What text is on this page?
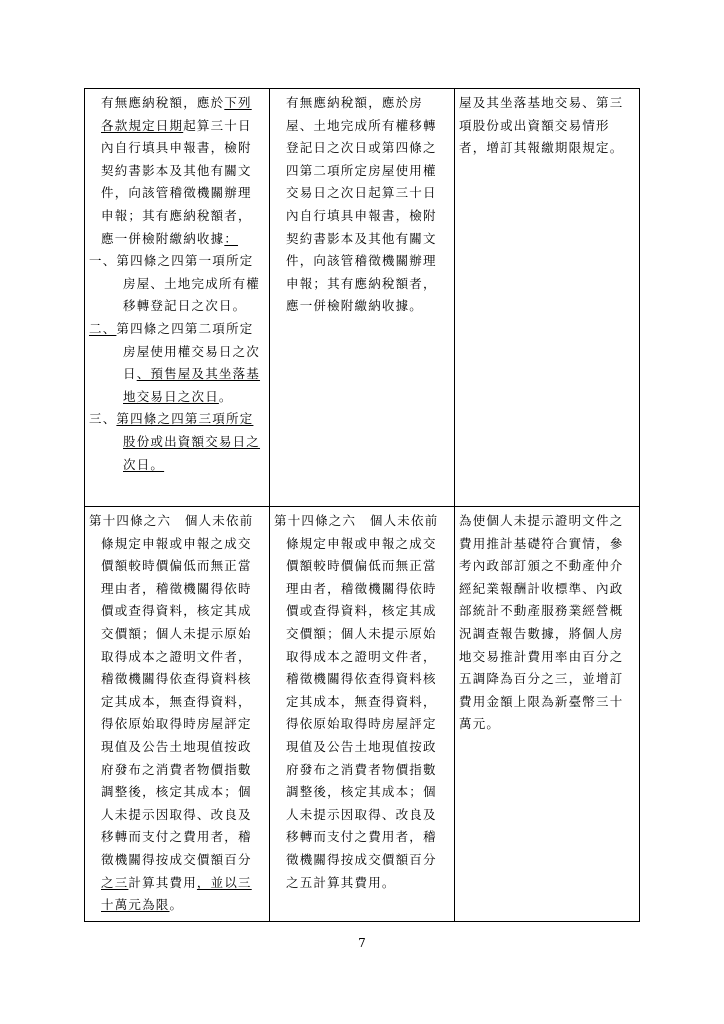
有無應納稅額，應於下列各款規定日期起算三十日內自行填具申報書，檢附契約書影本及其他有關文件，向該管稽徵機關辦理申報；其有應納稅額者，應一併檢附繳納收據：
一、第四條之四第一項所定房屋、土地完成所有權移轉登記日之次日。
二、第四條之四第二項所定房屋使用權交易日之次日、預售屋及其坐落基地交易日之次日。
三、第四條之四第三項所定股份或出資額交易日之次日。	有無應納稅額，應於房屋、土地完成所有權移轉登記日之次日或第四條之四第二項所定房屋使用權交易日之次日起算三十日內自行填具申報書，檢附契約書影本及其他有關文件，向該管稽徵機關辦理申報；其有應納稅額者，應一併檢附繳納收據。	屋及其坐落基地交易、第三項股份或出資額交易情形者，增訂其報繳期限規定。

第十四條之六　個人未依前條規定申報或申報之成交價額較時價偏低而無正當理由者，稽徵機關得依時價或查得資料，核定其成交價額；個人未提示原始取得成本之證明文件者，稽徵機關得依查得資料核定其成本，無查得資料，得依原始取得時房屋評定現值及公告土地現值按政府發布之消費者物價指數調整後，核定其成本；個人未提示因取得、改良及移轉而支付之費用者，稽徵機關得按成交價額百分之三計算其費用，並以三十萬元為限。	第十四條之六　個人未依前條規定申報或申報之成交價額較時價偏低而無正當理由者，稽徵機關得依時價或查得資料，核定其成交價額；個人未提示原始取得成本之證明文件者，稽徵機關得依查得資料核定其成本，無查得資料，得依原始取得時房屋評定現值及公告土地現值按政府發布之消費者物價指數調整後，核定其成本；個人未提示因取得、改良及移轉而支付之費用者，稽徵機關得按成交價額百分之五計算其費用。	為使個人未提示證明文件之費用推計基礎符合實情，參考內政部訂頒之不動產仲介經紀業報酬計收標準、內政部統計不動產服務業經營概況調查報告數據，將個人房地交易推計費用率由百分之五調降為百分之三，並增訂費用金額上限為新臺幣三十萬元。
7
